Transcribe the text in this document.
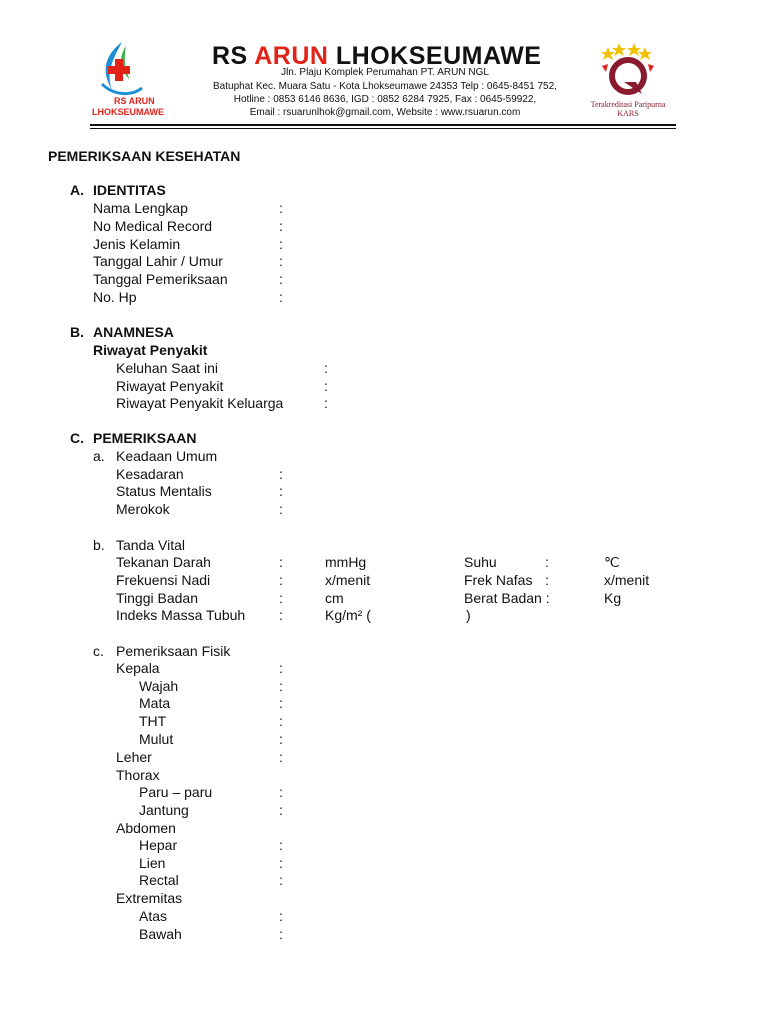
RS ARUN
LHOKSEUMAWE
RS ARUN LHOKSEUMAWE
Jln. Plaju Komplek Perumahan PT. ARUN NGL
Batuphat Kec. Muara Satu - Kota Lhokseumawe 24353 Telp : 0645-8451 752,
Hotline : 0853 6146 8636, IGD : 0852 6284 7925, Fax : 0645-59922,
Email : rsuarunlhok@gmail.com, Website : www.rsuarun.com
Terakreditasi Paripurna
KARS
PEMERIKSAAN KESEHATAN
A. IDENTITAS
Nama Lengkap	:
No Medical Record	:
Jenis Kelamin	:
Tanggal Lahir / Umur	:
Tanggal Pemeriksaan	:
No. Hp	:
B. ANAMNESA
Riwayat Penyakit
Keluhan Saat ini	:
Riwayat Penyakit	:
Riwayat Penyakit Keluarga	:
C. PEMERIKSAAN
a. Keadaan Umum
Kesadaran	:
Status Mentalis	:
Merokok	:
b. Tanda Vital
Tekanan Darah	:	mmHg	Suhu	:	℃
Frekuensi Nadi	:	x/menit	Frek Nafas :	x/menit
Tinggi Badan	:	cm	Berat Badan :	Kg
Indeks Massa Tubuh :	Kg/m² (	)
c. Pemeriksaan Fisik
Kepala	:
Wajah	:
Mata	:
THT	:
Mulut	:
Leher	:
Thorax
Paru – paru	:
Jantung	:
Abdomen
Hepar	:
Lien	:
Rectal	:
Extremitas
Atas	:
Bawah	:
